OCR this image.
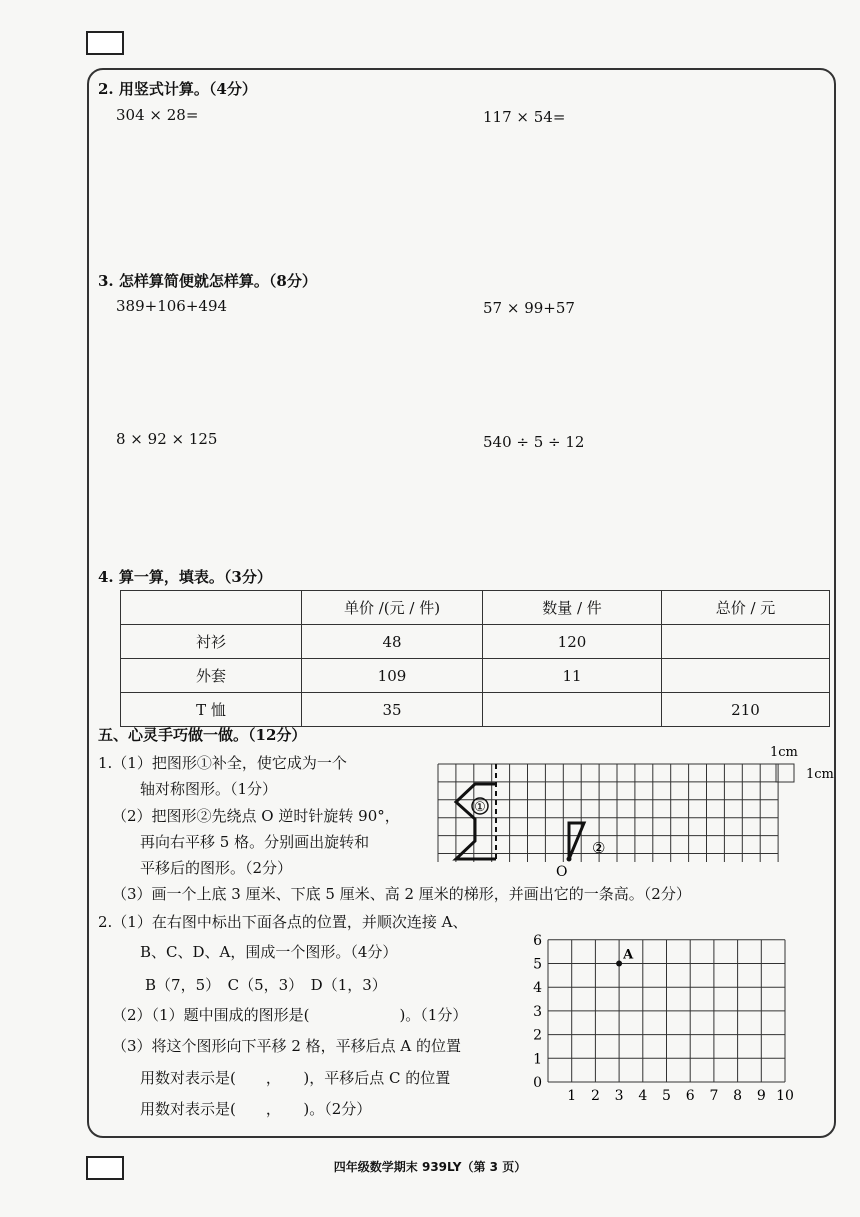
2. 用竖式计算。（4分）
304 × 28=	117 × 54=
3. 怎样算简便就怎样算。（8分）
389+106+494	57 × 99+57
8 × 92 × 125	540 ÷ 5 ÷ 12
4. 算一算，填表。（3分）
	单价 /(元 / 件)	数量 / 件	总价 / 元
衬衫	48	120	
外套	109	11	
T 恤	35		210
五、心灵手巧做一做。（12分）
1.（1）把图形①补全，使它成为一个
轴对称图形。（1分）
（2）把图形②先绕点 O 逆时针旋转 90°，
再向右平移 5 格。分别画出旋转和
平移后的图形。（2分）
（3）画一个上底 3 厘米、下底 5 厘米、高 2 厘米的梯形，并画出它的一条高。（2分）
①
O
②
1cm
1cm
2.（1）在右图中标出下面各点的位置，并顺次连接 A、
B、C、D、A，围成一个图形。（4分）
B（7，5）　C（5，3）　D（1，3）
（2）（1）题中围成的图形是(　　　　　　)。（1分）
（3）将这个图形向下平移 2 格，平移后点 A 的位置
用数对表示是(　　，　　)，平移后点 C 的位置
用数对表示是(　　，　　)。（2分）
1 2 3 4 5 6 7 8 9 10
0
1
2
3
4
5
6
A
四年级数学期末 939LY（第 3 页）
